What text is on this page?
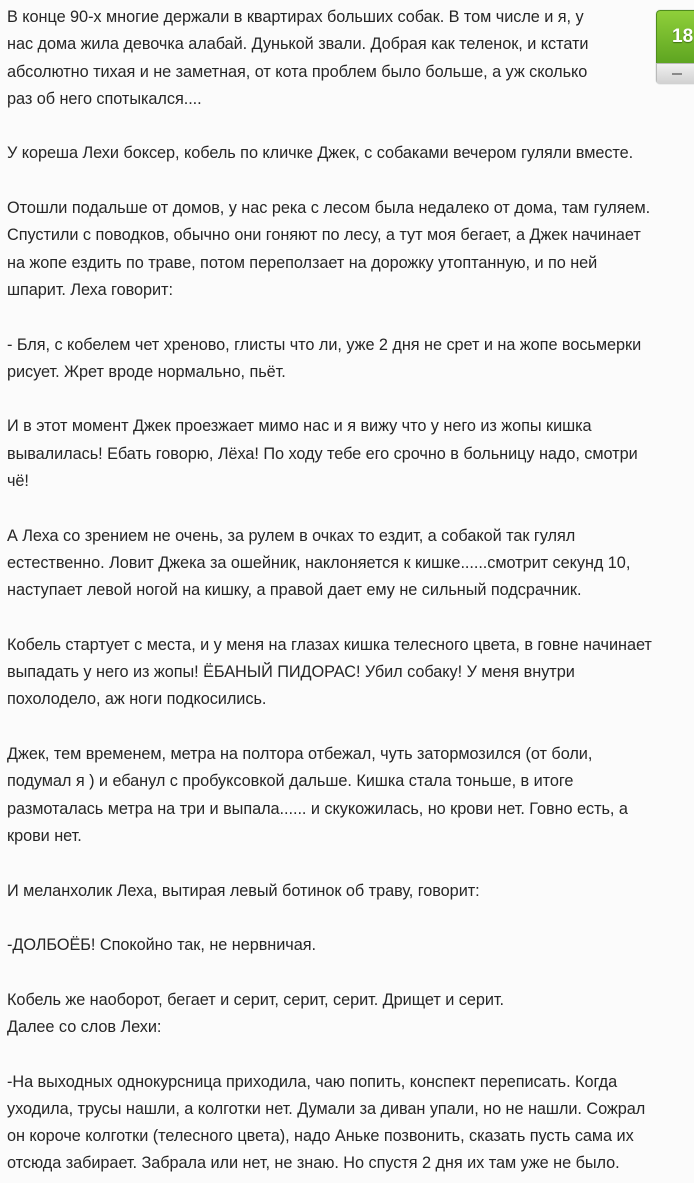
В конце 90-х многие держали в квартирах больших собак. В том числе и я, у
нас дома жила девочка алабай. Дунькой звали. Добрая как теленок, и кстати
абсолютно тихая и не заметная, от кота проблем было больше, а уж сколько
раз об него спотыкался....
У кореша Лехи боксер, кобель по кличке Джек, с собаками вечером гуляли вместе.
Отошли подальше от домов, у нас река с лесом была недалеко от дома, там гуляем.
Спустили с поводков, обычно они гоняют по лесу, а тут моя бегает, а Джек начинает
на жопе ездить по траве, потом переползает на дорожку утоптанную, и по ней
шпарит. Леха говорит:
- Бля, с кобелем чет хреново, глисты что ли, уже 2 дня не срет и на жопе восьмерки
рисует. Жрет вроде нормально, пьёт.
И в этот момент Джек проезжает мимо нас и я вижу что у него из жопы кишка
вывалилась! Ебать говорю, Лёха! По ходу тебе его срочно в больницу надо, смотри
чё!
А Леха со зрением не очень, за рулем в очках то ездит, а собакой так гулял
естественно. Ловит Джека за ошейник, наклоняется к кишке......смотрит секунд 10,
наступает левой ногой на кишку, а правой дает ему не сильный подсрачник.
Кобель стартует с места, и у меня на глазах кишка телесного цвета, в говне начинает
выпадать у него из жопы! ЁБАНЫЙ ПИДОРАС! Убил собаку! У меня внутри
похолодело, аж ноги подкосились.
Джек, тем временем, метра на полтора отбежал, чуть затормозился (от боли,
подумал я ) и ебанул с пробуксовкой дальше. Кишка стала тоньше, в итоге
размоталась метра на три и выпала...... и скукожилась, но крови нет. Говно есть, а
крови нет.
И меланхолик Леха, вытирая левый ботинок об траву, говорит:
-ДОЛБОЁБ! Спокойно так, не нервничая.
Кобель же наоборот, бегает и серит, серит, серит. Дрищет и серит.
Далее со слов Лехи:
-На выходных однокурсница приходила, чаю попить, конспект переписать. Когда
уходила, трусы нашли, а колготки нет. Думали за диван упали, но не нашли. Сожрал
он короче колготки (телесного цвета), надо Аньке позвонить, сказать пусть сама их
отсюда забирает. Забрала или нет, не знаю. Но спустя 2 дня их там уже не было.
18
